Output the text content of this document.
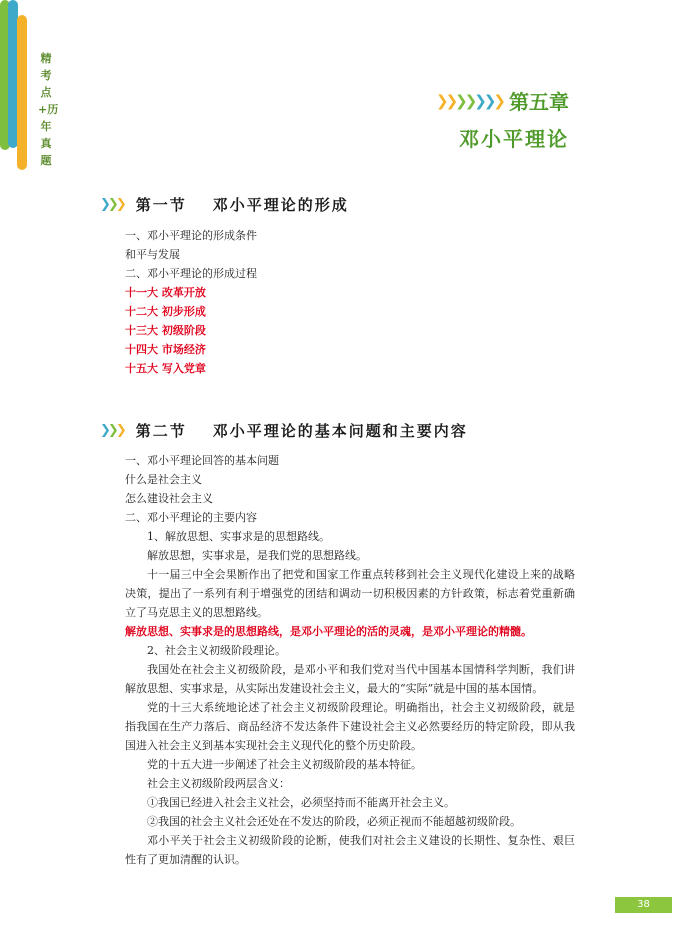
精考点+历年真题
❯❯❯❯❯❯❯ 第五章
邓小平理论
❯❯❯ 第一节 邓小平理论的形成

一、邓小平理论的形成条件

和平与发展

二、邓小平理论的形成过程

十一大 改革开放

十二大 初步形成

十三大 初级阶段

十四大 市场经济

十五大 写入党章

❯❯❯ 第二节 邓小平理论的基本问题和主要内容

一、邓小平理论回答的基本问题

什么是社会主义

怎么建设社会主义

二、邓小平理论的主要内容

1、解放思想、实事求是的思想路线。

解放思想，实事求是，是我们党的思想路线。

十一届三中全会果断作出了把党和国家工作重点转移到社会主义现代化建设上来的战略决策，提出了一系列有利于增强党的团结和调动一切积极因素的方针政策，标志着党重新确立了马克思主义的思想路线。

解放思想、实事求是的思想路线，是邓小平理论的活的灵魂，是邓小平理论的精髓。

2、社会主义初级阶段理论。

我国处在社会主义初级阶段，是邓小平和我们党对当代中国基本国情科学判断，我们讲解放思想、实事求是，从实际出发建设社会主义，最大的“实际”就是中国的基本国情。

党的十三大系统地论述了社会主义初级阶段理论。明确指出，社会主义初级阶段，就是指我国在生产力落后、商品经济不发达条件下建设社会主义必然要经历的特定阶段，即从我国进入社会主义到基本实现社会主义现代化的整个历史阶段。

党的十五大进一步阐述了社会主义初级阶段的基本特征。

社会主义初级阶段两层含义：

①我国已经进入社会主义社会，必须坚持而不能离开社会主义。

②我国的社会主义社会还处在不发达的阶段，必须正视而不能超越初级阶段。

邓小平关于社会主义初级阶段的论断，使我们对社会主义建设的长期性、复杂性、艰巨性有了更加清醒的认识。

38
